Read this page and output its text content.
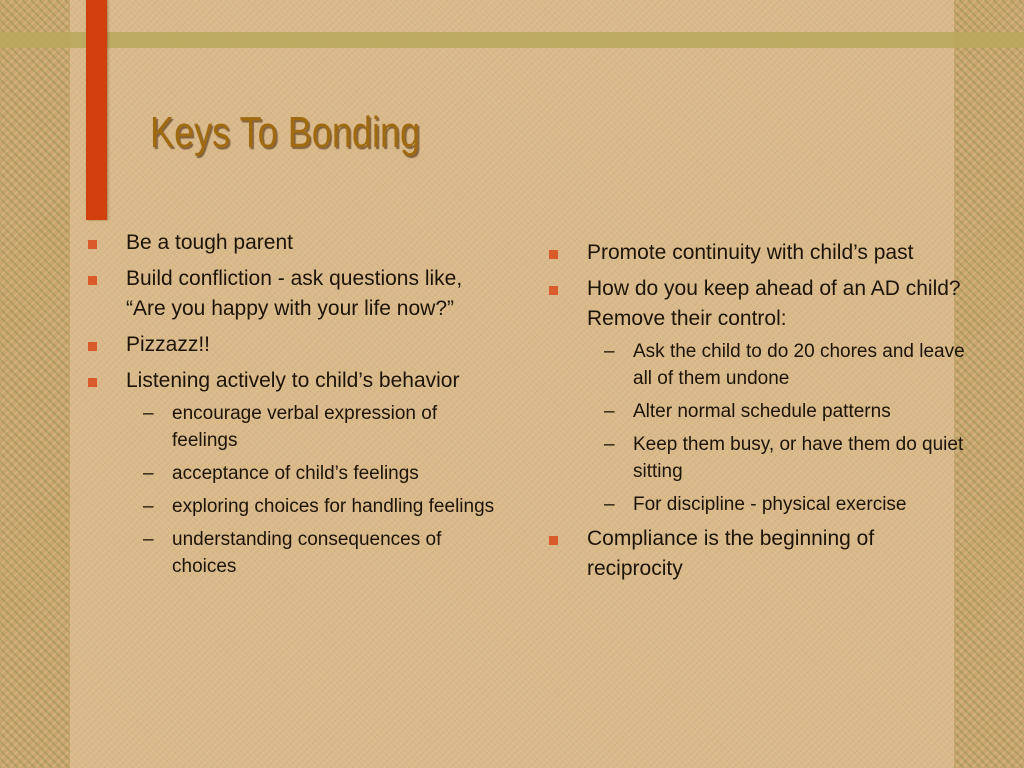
Keys To Bonding
Be a tough parent
Build confliction - ask questions like, “Are you happy with your life now?”
Pizzazz!!
Listening actively to child’s behavior
– encourage verbal expression of feelings
– acceptance of child’s feelings
– exploring choices for handling feelings
– understanding consequences of choices
Promote continuity with child’s past
How do you keep ahead of an AD child? Remove their control:
– Ask the child to do 20 chores and leave all of them undone
– Alter normal schedule patterns
– Keep them busy, or have them do quiet sitting
– For discipline - physical exercise
Compliance is the beginning of reciprocity
